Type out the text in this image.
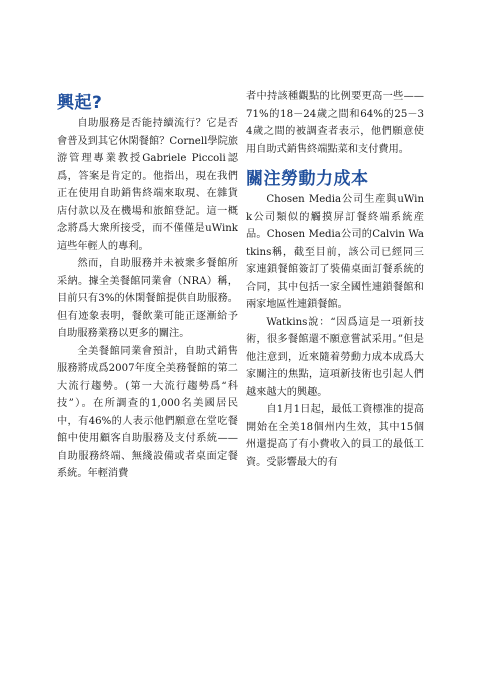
興起?

自助服務是否能持續流行？它是否會普及到其它休閑餐館？Cornell學院旅游管理專業教授Gabriele Piccoli認爲，答案是肯定的。他指出，現在我們正在使用自助銷售終端來取現、在雜貨店付款以及在機場和旅館登記。這一概念將爲大衆所接受，而不僅僅是uWink這些年輕人的專利。

然而，自助服務并未被衆多餐館所采納。據全美餐館同業會（NRA）稱，目前只有3%的休閑餐館提供自助服務。但有迹象表明，餐飲業可能正逐漸給予自助服務業務以更多的關注。

全美餐館同業會預計，自助式銷售服務將成爲2007年度全美務餐館的第二大流行趨勢。(第一大流行趨勢爲“科技”）。在所調查的1,000名美國居民中，有46%的人表示他們願意在堂吃餐館中使用顧客自助服務及支付系統——自助服務終端、無綫設備或者桌面定餐系統。年輕消費

者中持該種觀點的比例要更高一些——71%的18－24歲之間和64%的25－34歲之間的被調查者表示，他們願意使用自助式銷售終端點菜和支付費用。

關注勞動力成本

Chosen Media公司生産與uWink公司類似的觸摸屏訂餐終端系統産品。Chosen Media公司的Calvin Watkins稱，截至目前，該公司已經同三家連鎖餐館簽訂了裝備桌面訂餐系統的合同，其中包括一家全國性連鎖餐館和兩家地區性連鎖餐館。

Watkins說：“因爲這是一項新技術，很多餐館還不願意嘗試采用。”但是他注意到，近來隨着勞動力成本成爲大家關注的焦點，這項新技術也引起人們越來越大的興趣。

自1月1日起，最低工資標准的提高開始在全美18個州内生效，其中15個州還提高了有小費收入的員工的最低工資。受影響最大的有
